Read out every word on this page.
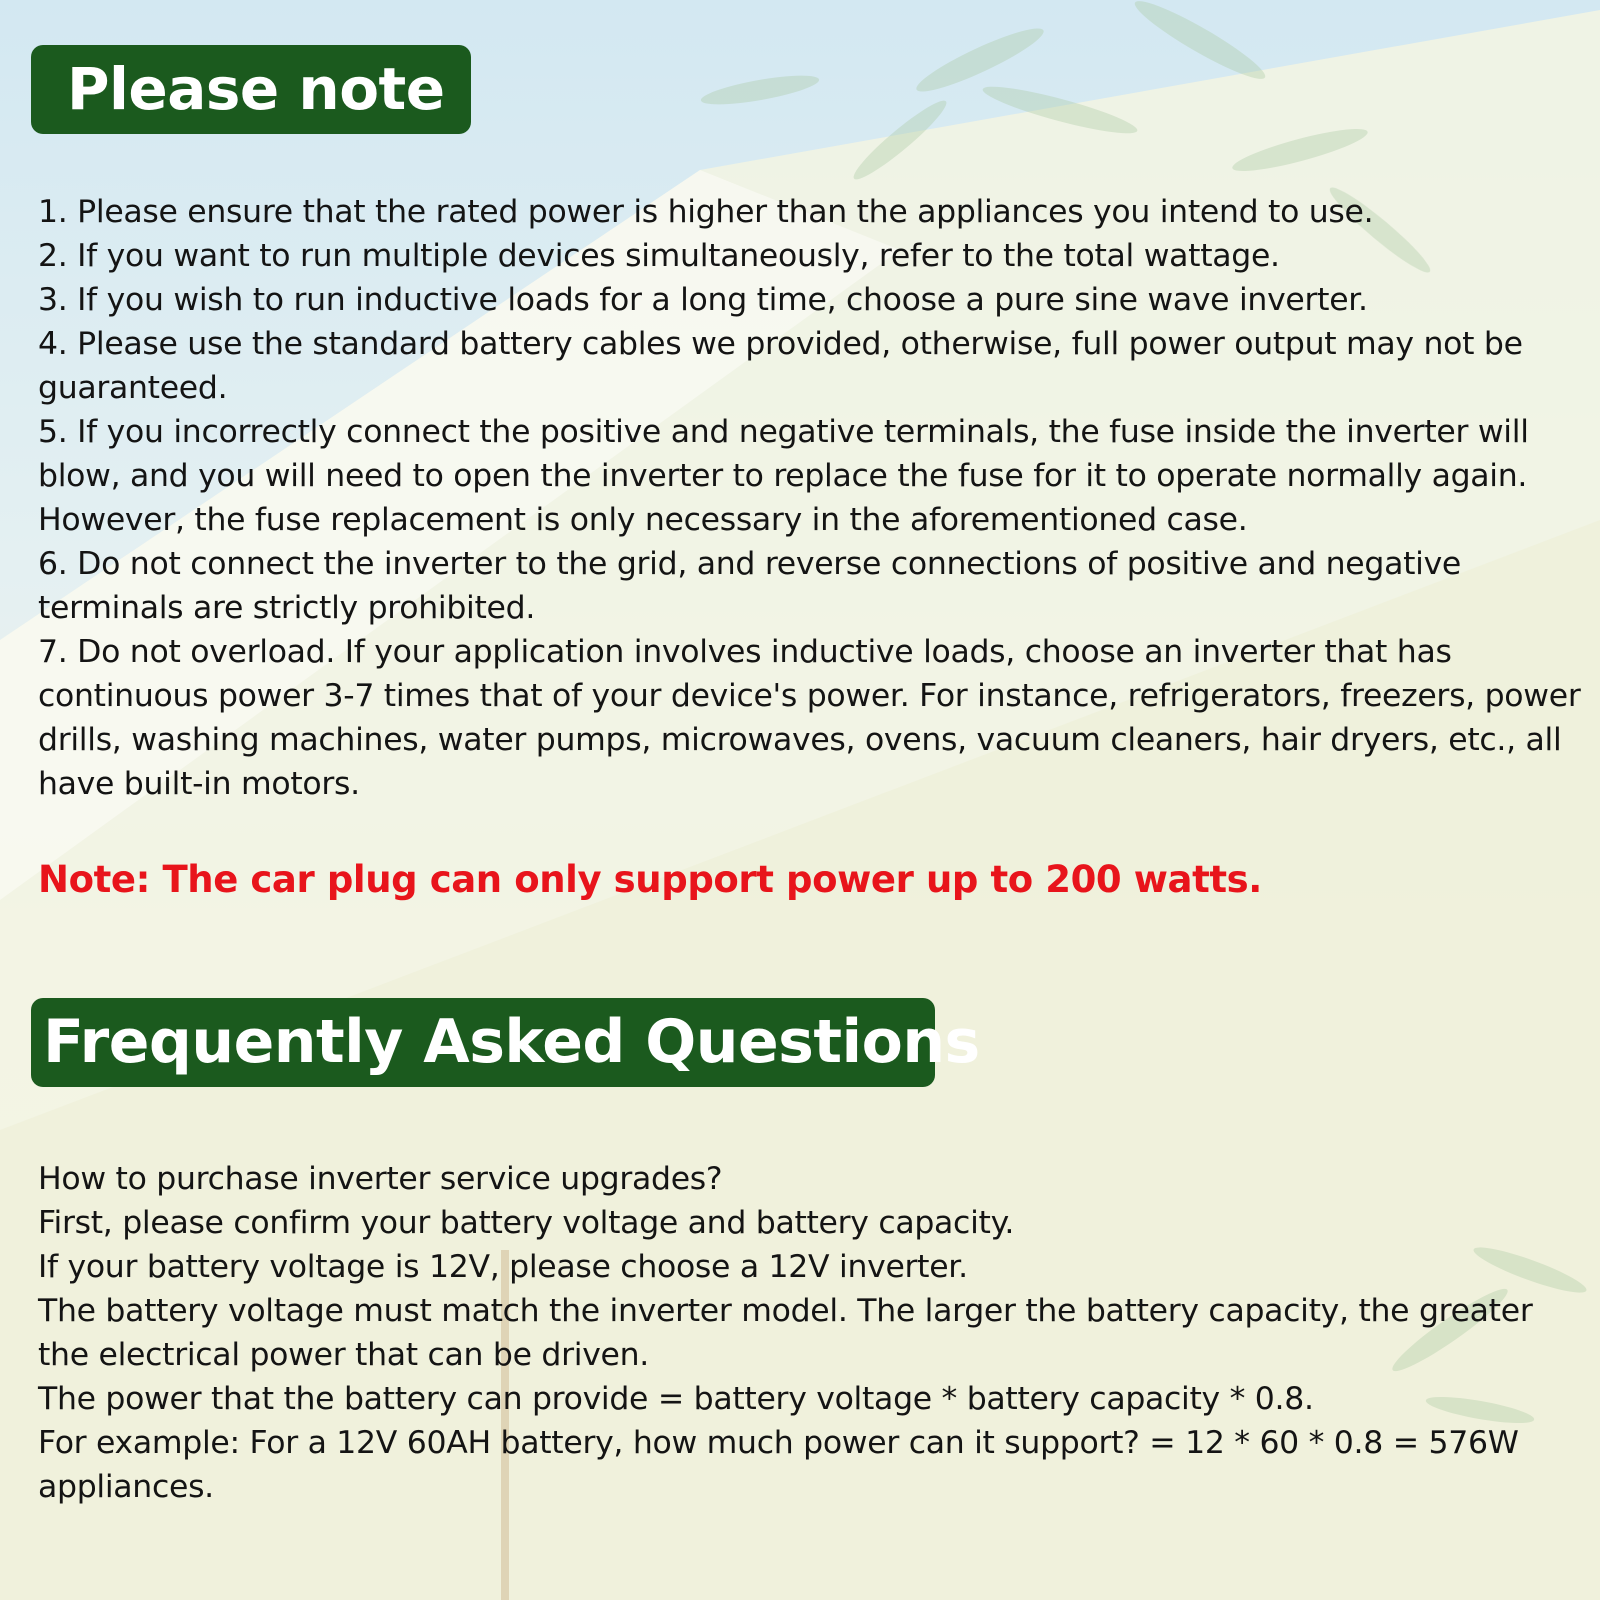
Please note

1. Please ensure that the rated power is higher than the appliances you intend to use.

2. If you want to run multiple devices simultaneously, refer to the total wattage.

3. If you wish to run inductive loads for a long time, choose a pure sine wave inverter.

4. Please use the standard battery cables we provided, otherwise, full power output may not be guaranteed.

5. If you incorrectly connect the positive and negative terminals, the fuse inside the inverter will blow, and you will need to open the inverter to replace the fuse for it to operate normally again. However, the fuse replacement is only necessary in the aforementioned case.

6. Do not connect the inverter to the grid, and reverse connections of positive and negative terminals are strictly prohibited.

7. Do not overload. If your application involves inductive loads, choose an inverter that has continuous power 3-7 times that of your device's power. For instance, refrigerators, freezers, power drills, washing machines, water pumps, microwaves, ovens, vacuum cleaners, hair dryers, etc., all have built-in motors.

Note: The car plug can only support power up to 200 watts.
Frequently Asked Questions

How to purchase inverter service upgrades?

First, please confirm your battery voltage and battery capacity.

If your battery voltage is 12V, please choose a 12V inverter.

The battery voltage must match the inverter model. The larger the battery capacity, the greater the electrical power that can be driven.

The power that the battery can provide = battery voltage * battery capacity * 0.8.

For example: For a 12V 60AH battery, how much power can it support? = 12 * 60 * 0.8 = 576W appliances.
